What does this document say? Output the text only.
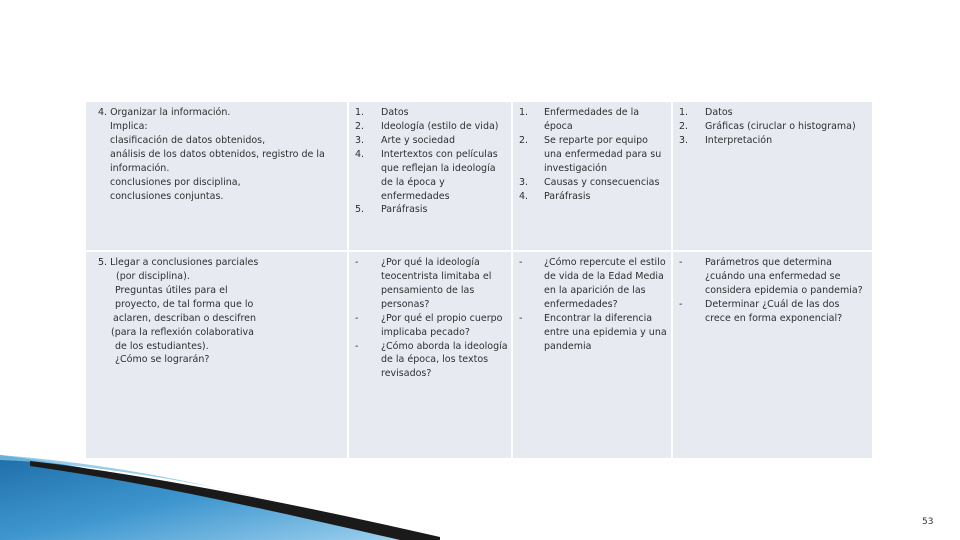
4. Organizar la información.
Implica:
clasificación de datos obtenidos,
análisis de los datos obtenidos, registro de la
información.
conclusiones por disciplina,
conclusiones conjuntas.
1.
2.
3.
4.
5.
Datos
Ideología (estilo de vida)
Arte y sociedad
Intertextos con películas
que reflejan la ideología
de la época y
enfermedades
Paráfrasis
1.
2.
3.
4.
Enfermedades de la
época
Se reparte por equipo
una enfermedad para su
investigación
Causas y consecuencias
Paráfrasis
1.
2.
3.
Datos
Gráficas (ciruclar o histograma)
Interpretación
5. Llegar a conclusiones parciales
(por disciplina).
Preguntas útiles para el
proyecto, de tal forma que lo
aclaren, describan o descifren
(para la reflexión colaborativa
de los estudiantes).
¿Cómo se lograrán?
-
-
-
¿Por qué la ideología
teocentrista limitaba el
pensamiento de las
personas?
¿Por qué el propio cuerpo
implicaba pecado?
¿Cómo aborda la ideología
de la época, los textos
revisados?
-
-
¿Cómo repercute el estilo
de vida de la Edad Media
en la aparición de las
enfermedades?
Encontrar la diferencia
entre una epidemia y una
pandemia
-
-
Parámetros que determina
¿cuándo una enfermedad se
considera epidemia o pandemia?
Determinar ¿Cuál de las dos
crece en forma exponencial?
53
